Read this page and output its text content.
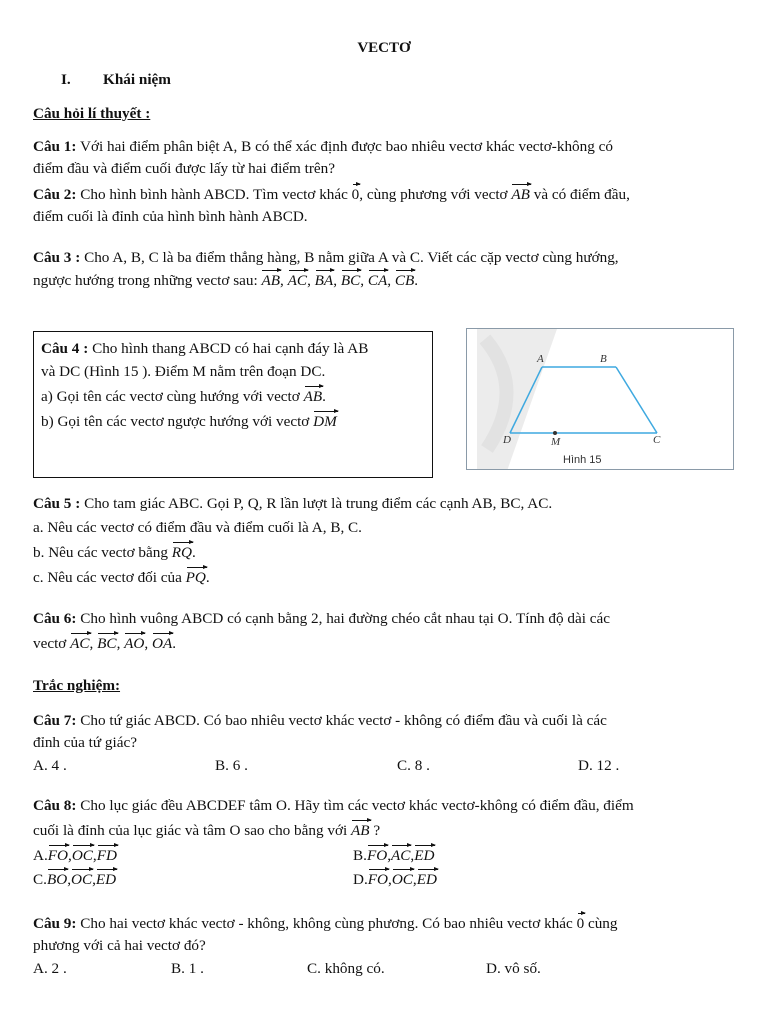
VECTƠ
I. Khái niệm
Câu hỏi lí thuyết :
Câu 1: Với hai điểm phân biệt A, B có thể xác định được bao nhiêu vectơ khác vectơ-không có
điểm đầu và điểm cuối được lấy từ hai điểm trên?
Câu 2: Cho hình bình hành ABCD. Tìm vectơ khác 0, cùng phương với vectơ AB và có điểm đầu,
điểm cuối là đỉnh của hình bình hành ABCD.
Câu 3 : Cho A, B, C là ba điểm thẳng hàng, B nằm giữa A và C. Viết các cặp vectơ cùng hướng,
ngược hướng trong những vectơ sau: AB, AC, BA, BC, CA, CB.
Câu 4 : Cho hình thang ABCD có hai cạnh đáy là AB
và DC (Hình 15 ). Điểm M nằm trên đoạn DC.
a) Gọi tên các vectơ cùng hướng với vectơ AB.
b) Gọi tên các vectơ ngược hướng với vectơ DM
A	B
C
D	M
Hình 15
Câu 5 : Cho tam giác ABC. Gọi P, Q, R lần lượt là trung điểm các cạnh AB, BC, AC.
a. Nêu các vectơ có điểm đầu và điểm cuối là A, B, C.
b. Nêu các vectơ bằng RQ.
c. Nêu các vectơ đối của PQ.
Câu 6: Cho hình vuông ABCD có cạnh bằng 2, hai đường chéo cắt nhau tại O. Tính độ dài các
vectơ AC, BC, AO, OA.
Trắc nghiệm:
Câu 7: Cho tứ giác ABCD. Có bao nhiêu vectơ khác vectơ - không có điểm đầu và cuối là các
đỉnh của tứ giác?
A. 4 .	B. 6 .	C. 8 .	D. 12 .
Câu 8: Cho lục giác đều ABCDEF tâm O. Hãy tìm các vectơ khác vectơ-không có điểm đầu, điểm
cuối là đỉnh của lục giác và tâm O sao cho bằng với AB ?
A.FO,OC,FD	B.FO,AC,ED
C.BO,OC,ED	D.FO,OC,ED
Câu 9: Cho hai vectơ khác vectơ - không, không cùng phương. Có bao nhiêu vectơ khác 0 cùng
phương với cả hai vectơ đó?
A. 2 .	B. 1 .	C. không có.	D. vô số.
